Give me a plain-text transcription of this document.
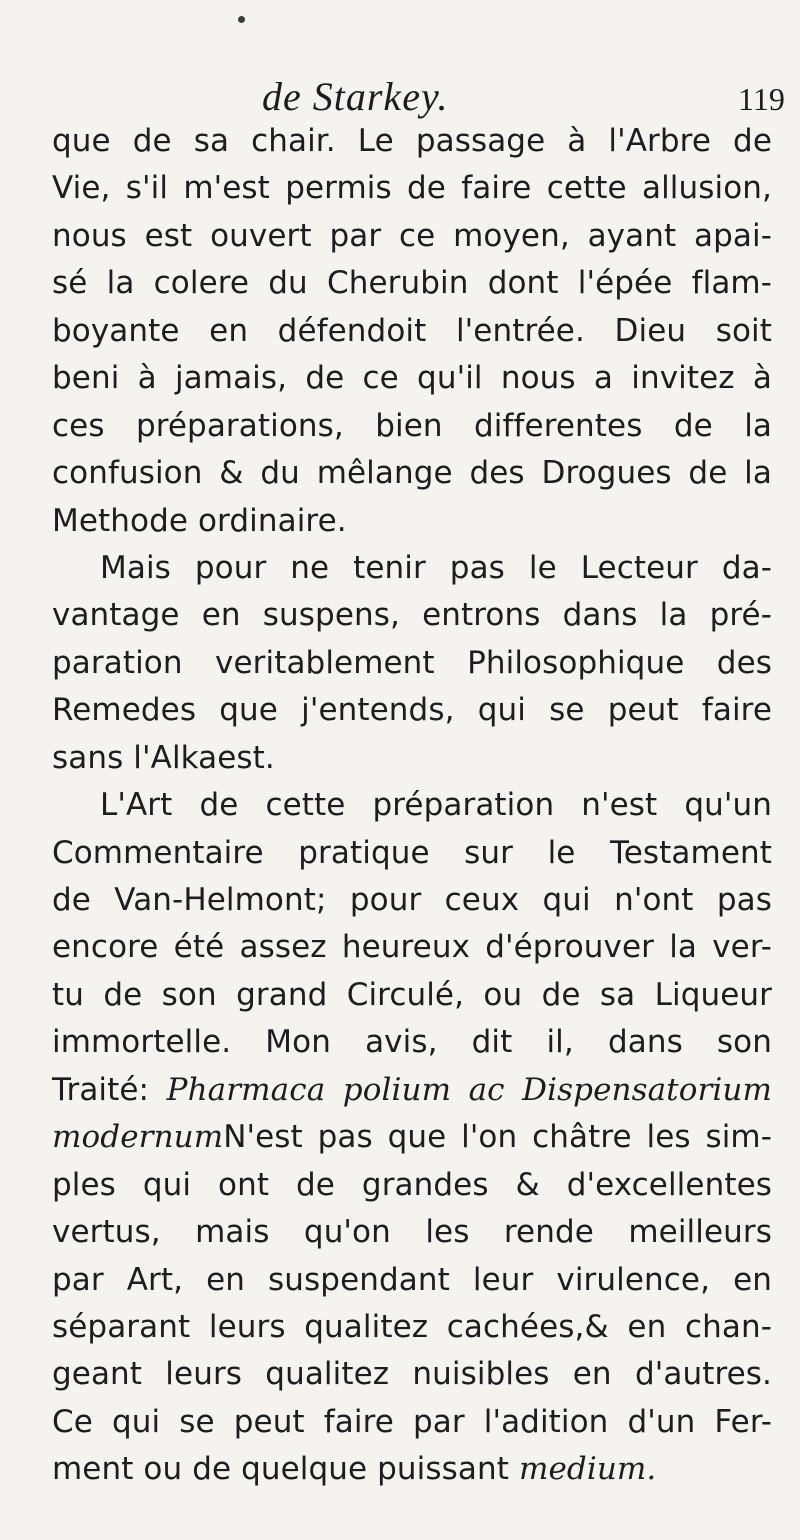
de Starkey.	119
que de sa chair. Le passage à l'Arbre de
Vie, s'il m'est permis de faire cette allusion,
nous est ouvert par ce moyen, ayant apai-
sé la colere du Cherubin dont l'épée flam-
boyante en défendoit l'entrée. Dieu soit
beni à jamais, de ce qu'il nous a invitez à
ces préparations, bien differentes de la
confusion & du mêlange des Drogues de la
Methode ordinaire.
Mais pour ne tenir pas le Lecteur da-
vantage en suspens, entrons dans la pré-
paration veritablement Philosophique des
Remedes que j'entends, qui se peut faire
sans l'Alkaest.
L'Art de cette préparation n'est qu'un
Commentaire pratique sur le Testament
de Van-Helmont; pour ceux qui n'ont pas
encore été assez heureux d'éprouver la ver-
tu de son grand Circulé, ou de sa Liqueur
immortelle. Mon avis, dit il, dans son
Traité: Pharmaca polium ac Dispensatorium
modernumN'est pas que l'on châtre les sim-
ples qui ont de grandes & d'excellentes
vertus, mais qu'on les rende meilleurs
par Art, en suspendant leur virulence, en
séparant leurs qualitez cachées,& en chan-
geant leurs qualitez nuisibles en d'autres.
Ce qui se peut faire par l'adition d'un Fer-
ment ou de quelque puissant medium.
